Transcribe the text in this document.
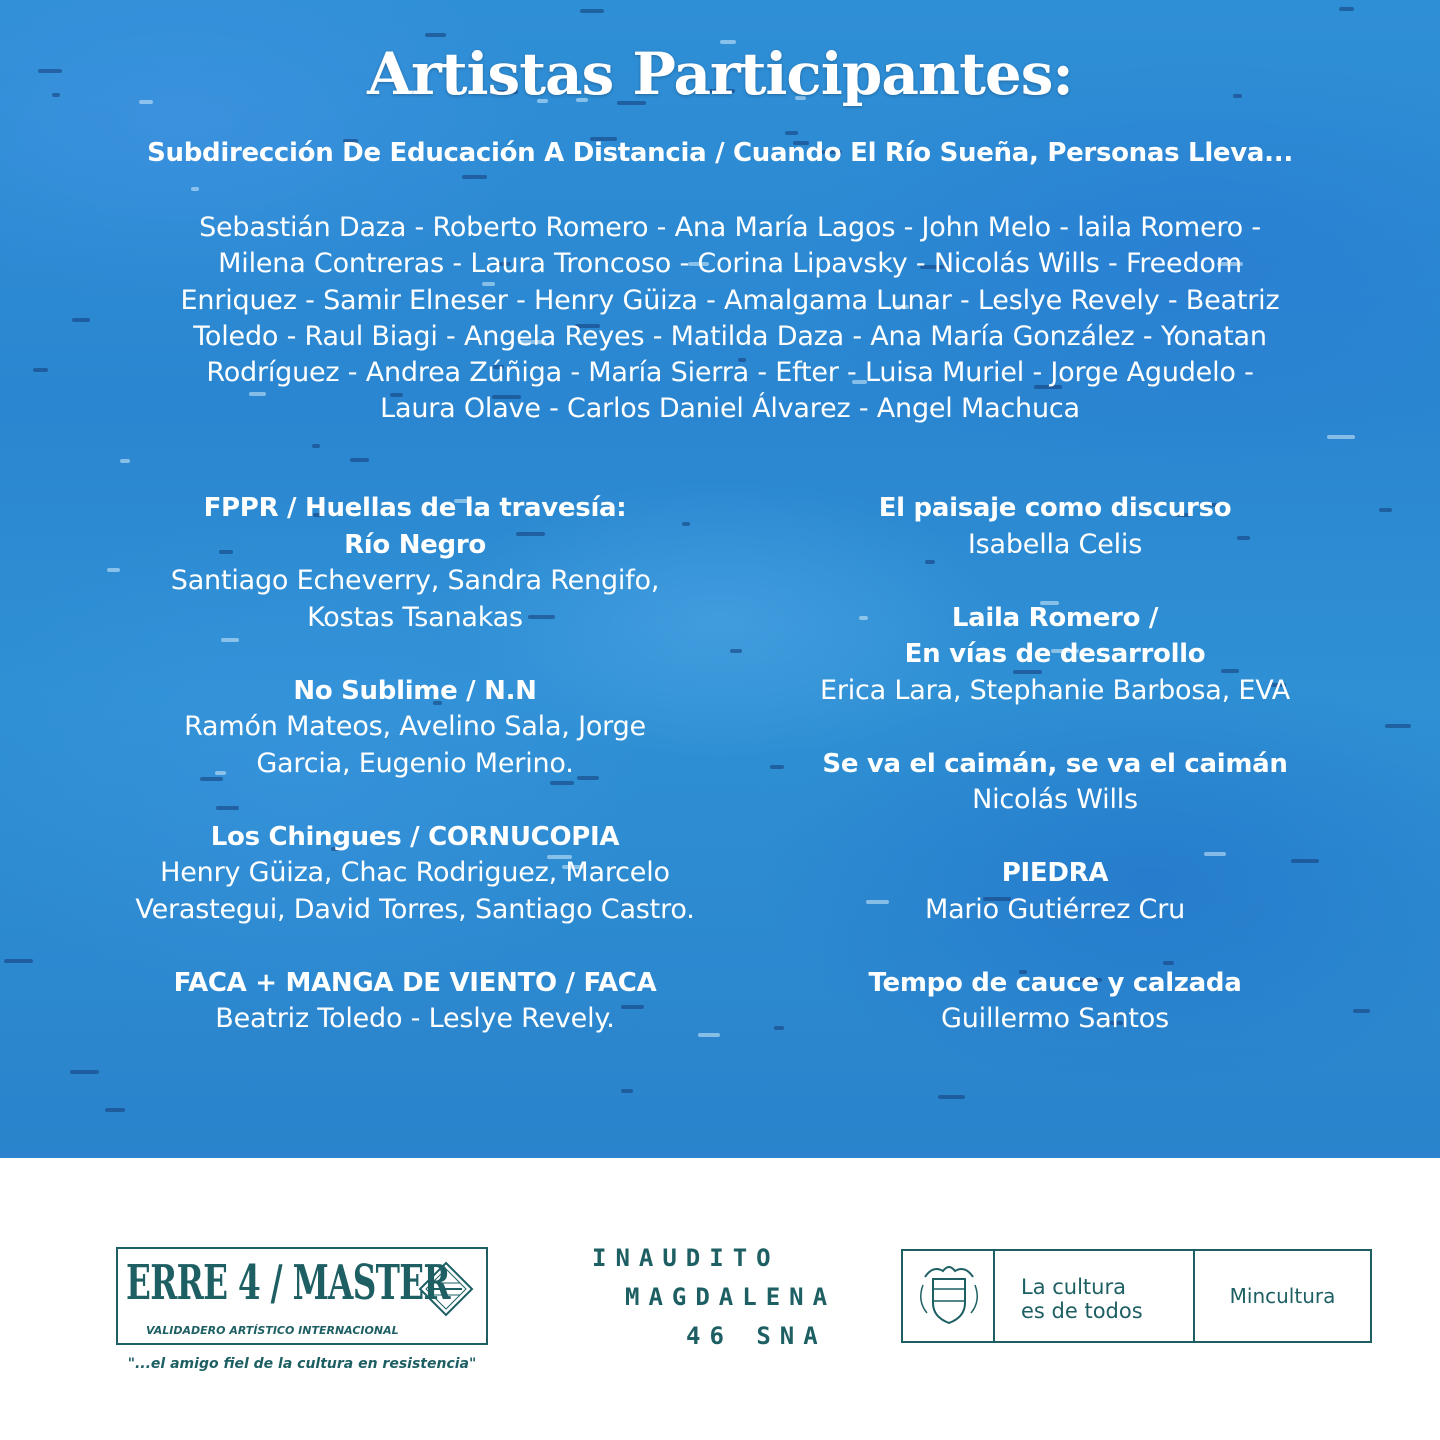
Artistas Participantes:
Subdirección De Educación A Distancia / Cuando El Río Sueña, Personas Lleva...
Sebastián Daza - Roberto Romero - Ana María Lagos - John Melo - laila Romero -
Milena Contreras - Laura Troncoso - Corina Lipavsky - Nicolás Wills - Freedom
Enriquez - Samir Elneser - Henry Güiza - Amalgama Lunar - Leslye Revely - Beatriz
Toledo - Raul Biagi - Angela Reyes - Matilda Daza - Ana María González - Yonatan
Rodríguez - Andrea Zúñiga - María Sierra - Efter - Luisa Muriel - Jorge Agudelo -
Laura Olave - Carlos Daniel Álvarez - Angel Machuca
FPPR / Huellas de la travesía:
Río Negro
Santiago Echeverry, Sandra Rengifo,
Kostas Tsanakas
No Sublime / N.N
Ramón Mateos, Avelino Sala, Jorge
Garcia, Eugenio Merino.
Los Chingues / CORNUCOPIA
Henry Güiza, Chac Rodriguez, Marcelo
Verastegui, David Torres, Santiago Castro.
FACA + MANGA DE VIENTO / FACA
Beatriz Toledo - Leslye Revely.
El paisaje como discurso
Isabella Celis
Laila Romero /
En vías de desarrollo
Erica Lara, Stephanie Barbosa, EVA
Se va el caimán, se va el caimán
Nicolás Wills
PIEDRA
Mario Gutiérrez Cru
Tempo de cauce y calzada
Guillermo Santos
ERRE 4 / MASTER
VALIDADERO ARTÍSTICO INTERNACIONAL
"...el amigo fiel de la cultura en resistencia"
INAUDITO
MAGDALENA
46 SNA
La cultura
es de todos
Mincultura
